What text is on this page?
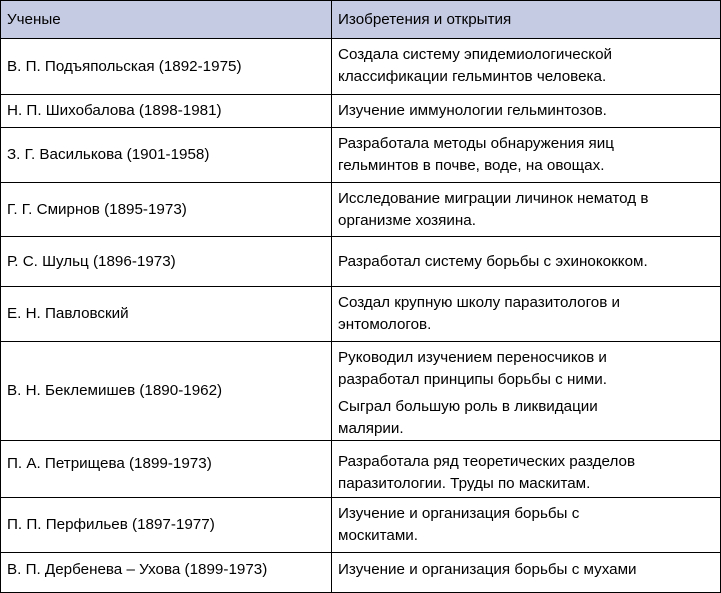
Ученые	Изобретения и открытия
В. П. Подъяпольская (1892-1975)	Создала систему эпидемиологической
классификации гельминтов человека.

Н. П. Шихобалова (1898-1981)	Изучение иммунологии гельминтозов.

З. Г. Василькова (1901-1958)	Разработала методы обнаружения яиц
гельминтов в почве, воде, на овощах.

Г. Г. Смирнов (1895-1973)	Исследование миграции личинок нематод в
организме хозяина.

Р. С. Шульц (1896-1973)	Разработал систему борьбы с эхинококком.

Е. Н. Павловский	Создал крупную школу паразитологов и
энтомологов.

В. Н. Беклемишев (1890-1962)	Руководил изучением переносчиков и
разработал принципы борьбы с ними.
Сыграл большую роль в ликвидации
малярии.

П. А. Петрищева (1899-1973)	Разработала ряд теоретических разделов
паразитологии. Труды по маскитам.

П. П. Перфильев (1897-1977)	Изучение и организация борьбы с
москитами.

В. П. Дербенева – Ухова (1899-1973)	Изучение и организация борьбы с мухами
